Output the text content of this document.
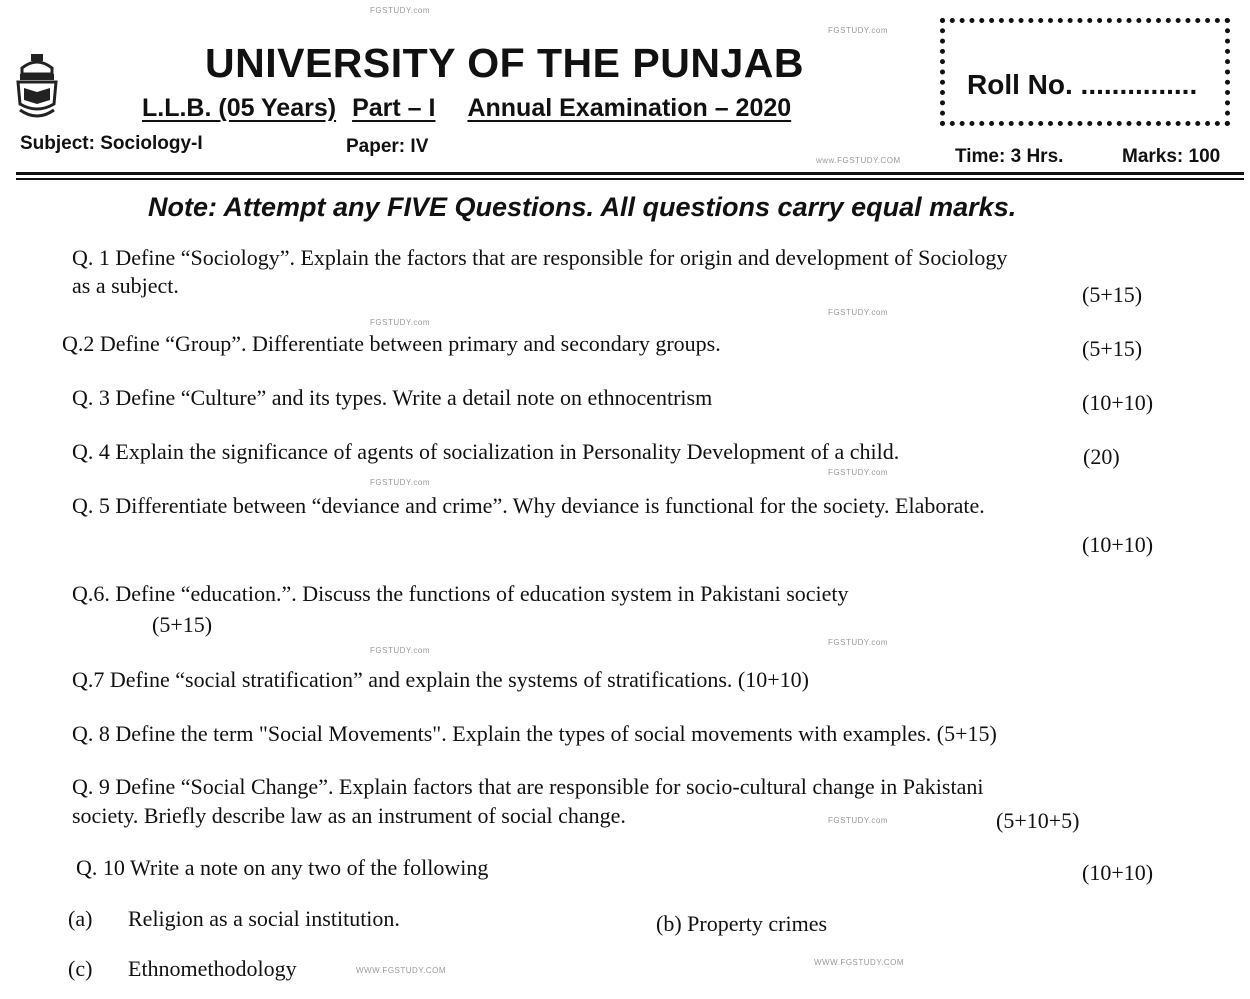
UNIVERSITY OF THE PUNJAB
L.L.B. (05 Years) Part – I Annual Examination – 2020
Roll No. ...............
Subject: Sociology-I	Paper: IV	Time: 3 Hrs.	Marks: 100
Note: Attempt any FIVE Questions. All questions carry equal marks.
Q. 1 Define “Sociology”. Explain the factors that are responsible for origin and development of Sociology
as a subject.	(5+15)
Q.2 Define “Group”. Differentiate between primary and secondary groups.	(5+15)
Q. 3 Define “Culture” and its types. Write a detail note on ethnocentrism	(10+10)
Q. 4 Explain the significance of agents of socialization in Personality Development of a child.	(20)
Q. 5 Differentiate between “deviance and crime”. Why deviance is functional for the society. Elaborate.
(10+10)
Q.6. Define “education.”. Discuss the functions of education system in Pakistani society
(5+15)
Q.7 Define “social stratification” and explain the systems of stratifications. (10+10)
Q. 8 Define the term "Social Movements". Explain the types of social movements with examples. (5+15)
Q. 9 Define “Social Change”. Explain factors that are responsible for socio-cultural change in Pakistani
society. Briefly describe law as an instrument of social change.	(5+10+5)
Q. 10 Write a note on any two of the following	(10+10)
(a) Religion as a social institution.	(b) Property crimes
(c) Ethnomethodology
FGSTUDY.com
FGSTUDY.com
www.FGSTUDY.COM
FGSTUDY.com
FGSTUDY.com
FGSTUDY.com
FGSTUDY.com
FGSTUDY.com
FGSTUDY.com
FGSTUDY.com
WWW.FGSTUDY.COM
WWW.FGSTUDY.COM
